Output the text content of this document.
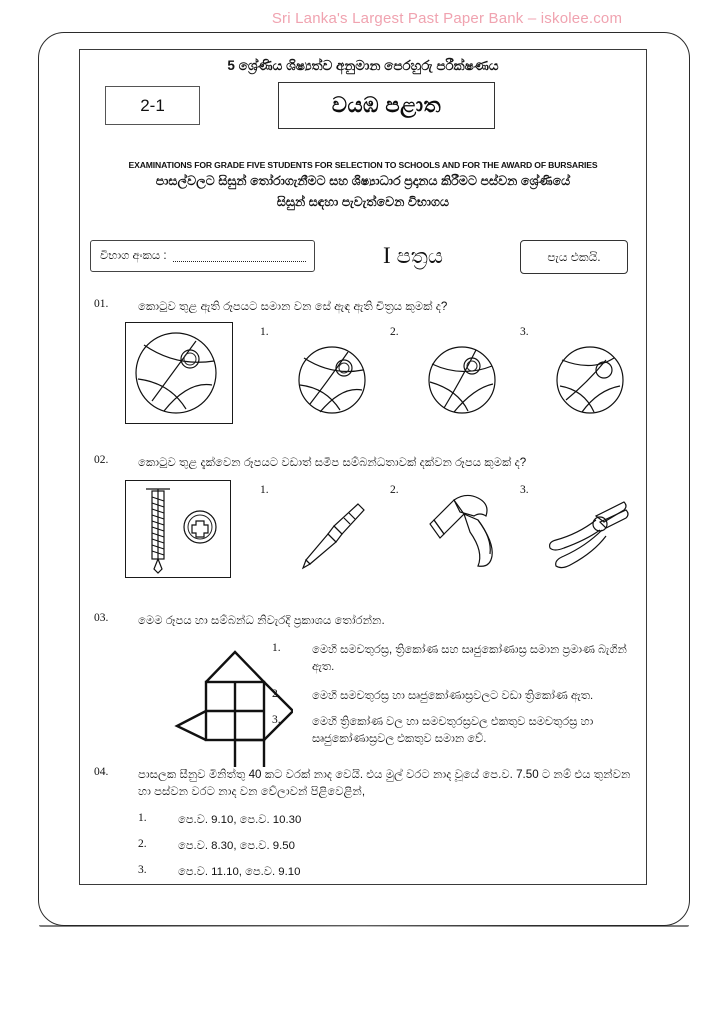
Sri Lanka's Largest Past Paper Bank – iskolee.com
5 ශ්‍රේණිය ශිෂ්‍යත්ව අනුමාන පෙරහුරු පරීක්ෂණය
2-1	වයඹ පළාත
EXAMINATIONS FOR GRADE FIVE STUDENTS FOR SELECTION TO SCHOOLS AND FOR THE AWARD OF BURSARIES
පාසල්වලට සිසුන් තෝරාගැනීමට සහ ශිෂ්‍යාධාර ප්‍රදානය කිරීමට පස්වන ශ්‍රේණියේ
සිසුන් සඳහා පැවැත්වෙන විභාගය
විභාග අංකය :	I පත්‍රය	පැය එකයි.
01.	කොටුව තුළ ඇති රූපයට සමාන වන සේ ඇඳ ඇති චිත්‍රය කුමක් ද?
1.	2.	3.
02.	කොටුව තුළ දැක්වෙන රූපයට වඩාත් සමීප සම්බන්ධතාවක් දක්වන රූපය කුමක් ද?
1.	2.	3.
03.	මෙම රූපය හා සම්බන්ධ නිවැරදි ප්‍රකාශය තෝරන්න.
1.	මෙහි සමචතුරස්‍ර, ත්‍රිකෝණ සහ සෘජුකෝණාස්‍ර සමාන ප්‍රමාණ බැගින් ඇත.
2.	මෙහි සමචතුරස්‍ර හා සෘජුකෝණාස්‍රවලට වඩා ත්‍රිකෝණ ඇත.
3.	මෙහි ත්‍රිකෝණ වල හා සමචතුරස්‍රවල එකතුව සමචතුරස්‍ර හා සෘජුකෝණාස්‍රවල එකතුව සමාන වේ.
04.	පාසලක සීනුව මිනිත්තු 40 කට වරක් නාද වෙයි. එය මුල් වරට නාද වූයේ පෙ.ව. 7.50 ට නම් එය තුන්වන හා පස්වන වරට නාද වන වේලාවන් පිළිවෙළින්,
1.	පෙ.ව. 9.10, පෙ.ව. 10.30
2.	පෙ.ව. 8.30, පෙ.ව. 9.50
3.	පෙ.ව. 11.10, පෙ.ව. 9.10
